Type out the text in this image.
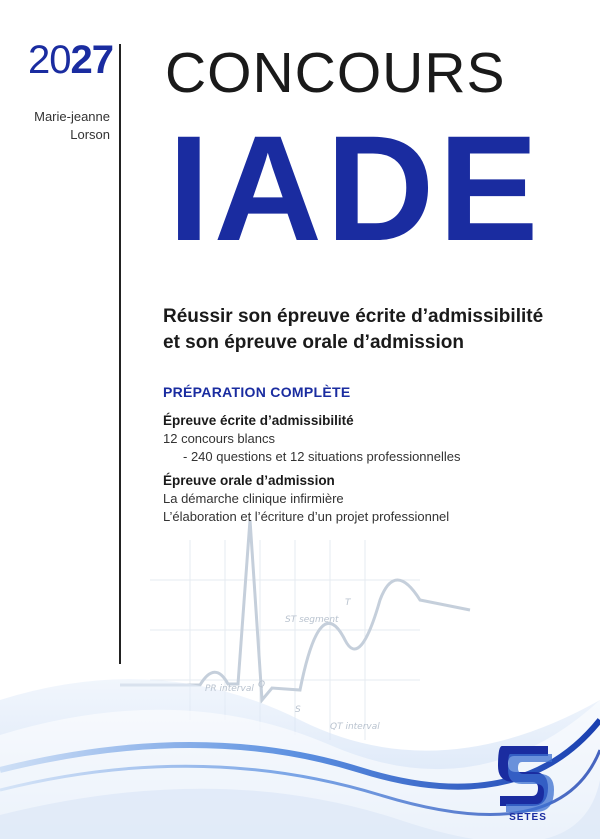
Q
S
T
PR interval
QT interval
ST segment
2027
Marie-jeanne
Lorson
CONCOURS
IADE
Réussir son épreuve écrite d’admissibilité
et son épreuve orale d’admission
PRÉPARATION COMPLÈTE
Épreuve écrite d’admissibilité
12 concours blancs
- 240 questions et 12 situations professionnelles
Épreuve orale d’admission
La démarche clinique infirmière
L’élaboration et l’écriture d’un projet professionnel
SETES
